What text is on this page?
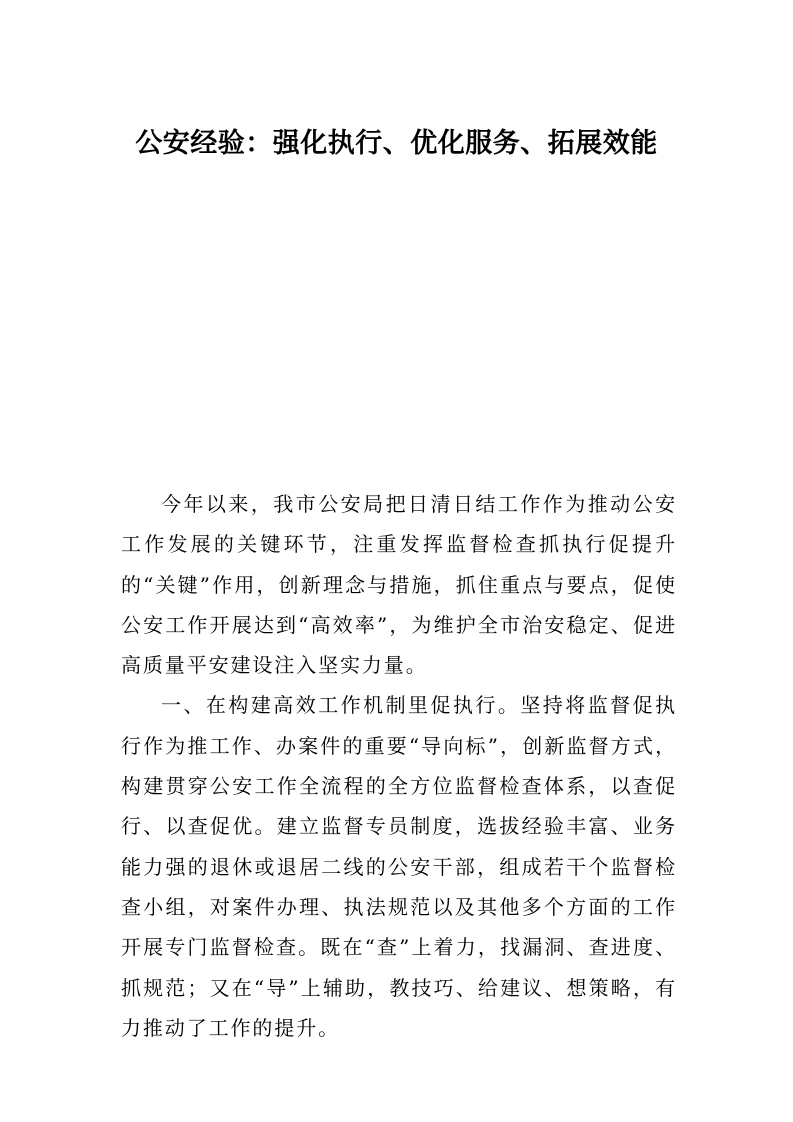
公安经验：强化执行、优化服务、拓展效能

今年以来，我市公安局把日清日结工作作为推动公安工作发展的关键环节，注重发挥监督检查抓执行促提升的“关键”作用，创新理念与措施，抓住重点与要点，促使公安工作开展达到“高效率”，为维护全市治安稳定、促进高质量平安建设注入坚实力量。

一、在构建高效工作机制里促执行。坚持将监督促执行作为推工作、办案件的重要“导向标”，创新监督方式，构建贯穿公安工作全流程的全方位监督检查体系，以查促行、以查促优。建立监督专员制度，选拔经验丰富、业务能力强的退休或退居二线的公安干部，组成若干个监督检查小组，对案件办理、执法规范以及其他多个方面的工作开展专门监督检查。既在“查”上着力，找漏洞、查进度、抓规范；又在“导”上辅助，教技巧、给建议、想策略，有力推动了工作的提升。
